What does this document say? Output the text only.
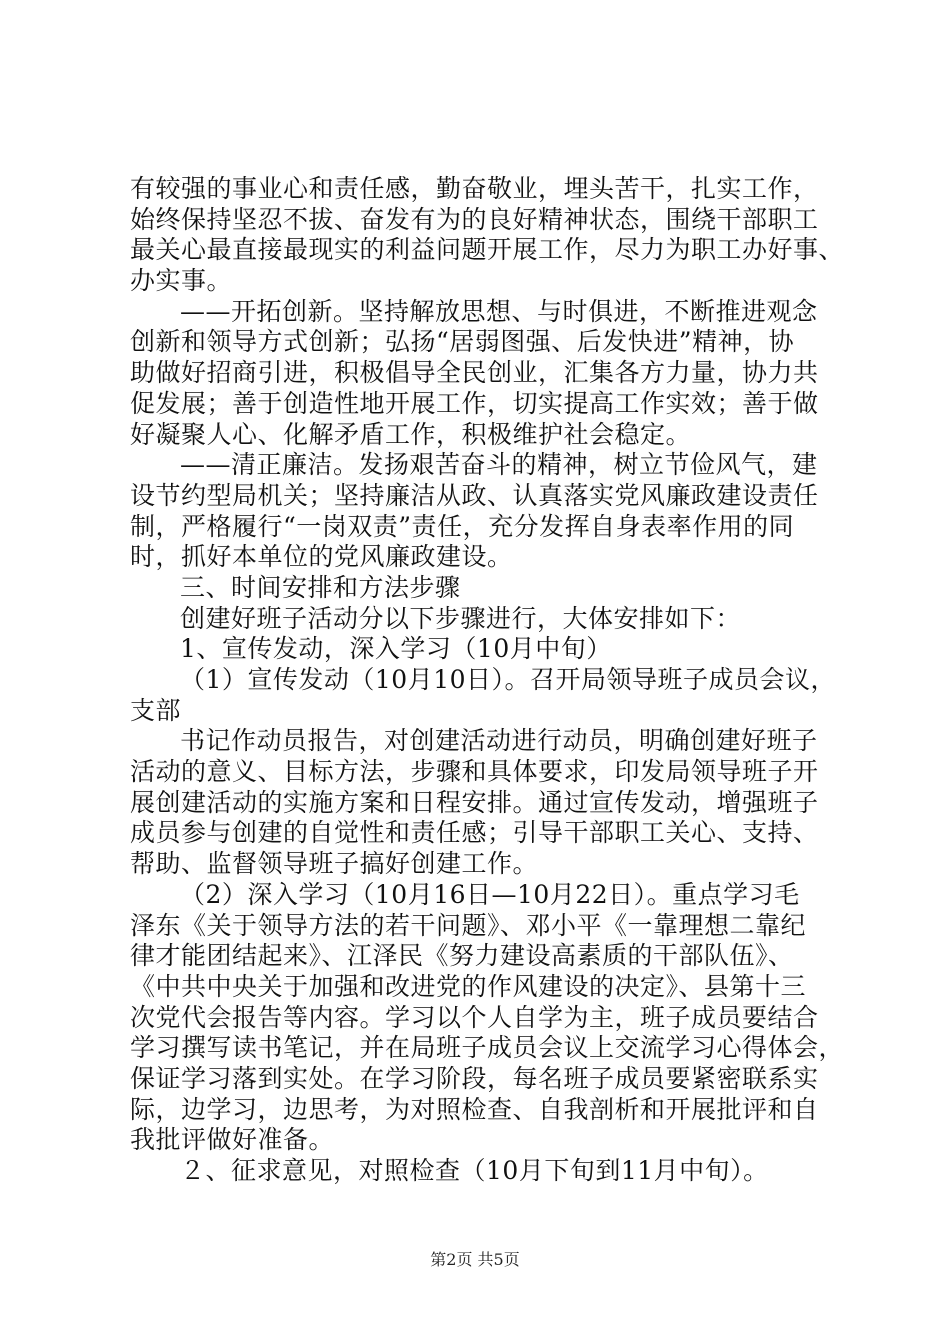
有较强的事业心和责任感，勤奋敬业，埋头苦干，扎实工作，
始终保持坚忍不拔、奋发有为的良好精神状态，围绕干部职工
最关心最直接最现实的利益问题开展工作，尽力为职工办好事、
办实事。
——开拓创新。坚持解放思想、与时俱进，不断推进观念
创新和领导方式创新；弘扬“居弱图强、后发快进”精神，协
助做好招商引进，积极倡导全民创业，汇集各方力量，协力共
促发展；善于创造性地开展工作，切实提高工作实效；善于做
好凝聚人心、化解矛盾工作，积极维护社会稳定。
——清正廉洁。发扬艰苦奋斗的精神，树立节俭风气，建
设节约型局机关；坚持廉洁从政、认真落实党风廉政建设责任
制，严格履行“一岗双责”责任，充分发挥自身表率作用的同
时，抓好本单位的党风廉政建设。
三、时间安排和方法步骤
创建好班子活动分以下步骤进行，大体安排如下：
1、宣传发动，深入学习（10月中旬）
（1）宣传发动（10月10日）。召开局领导班子成员会议，
支部
书记作动员报告，对创建活动进行动员，明确创建好班子
活动的意义、目标方法，步骤和具体要求，印发局领导班子开
展创建活动的实施方案和日程安排。通过宣传发动，增强班子
成员参与创建的自觉性和责任感；引导干部职工关心、支持、
帮助、监督领导班子搞好创建工作。
（2）深入学习（10月16日—10月22日）。重点学习毛
泽东《关于领导方法的若干问题》、邓小平《一靠理想二靠纪
律才能团结起来》、江泽民《努力建设高素质的干部队伍》、
《中共中央关于加强和改进党的作风建设的决定》、县第十三
次党代会报告等内容。学习以个人自学为主，班子成员要结合
学习撰写读书笔记，并在局班子成员会议上交流学习心得体会，
保证学习落到实处。在学习阶段，每名班子成员要紧密联系实
际，边学习，边思考，为对照检查、自我剖析和开展批评和自
我批评做好准备。
２、征求意见，对照检查（10月下旬到11月中旬）。
第2页 共5页
